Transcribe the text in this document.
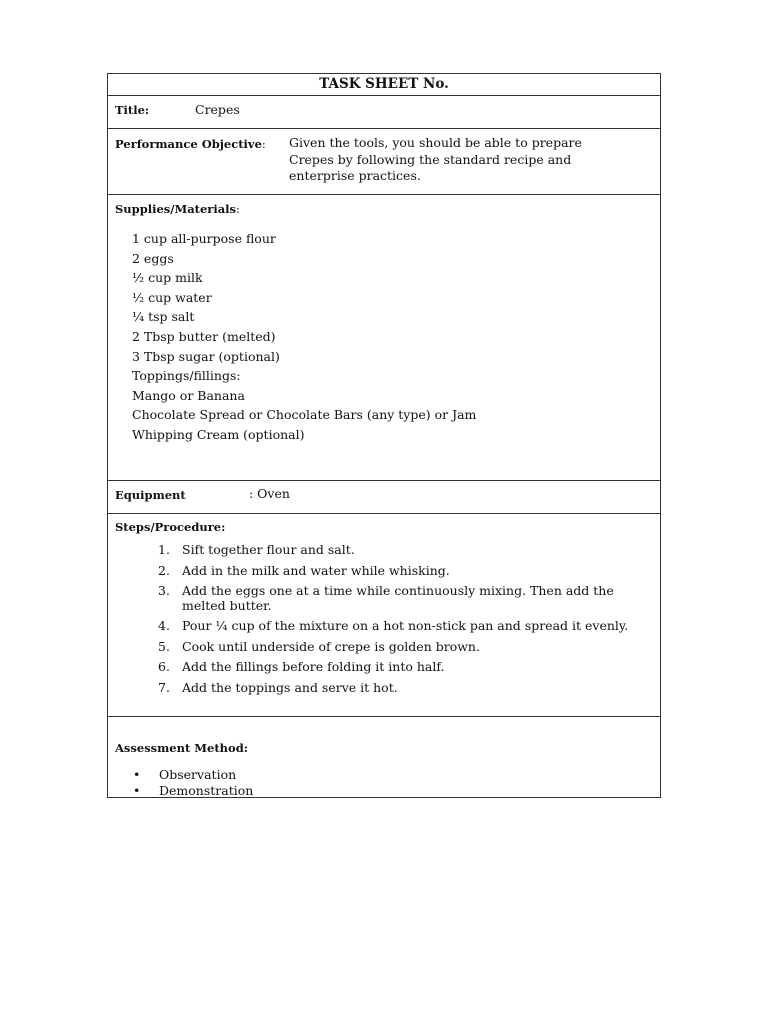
TASK SHEET No.
Title:	Crepes
Performance Objective: Given the tools, you should be able to prepare
Crepes by following the standard recipe and
enterprise practices.
Supplies/Materials:
1 cup all-purpose flour
2 eggs
½ cup milk
½ cup water
¼ tsp salt
2 Tbsp butter (melted)
3 Tbsp sugar (optional)
Toppings/fillings:
Mango or Banana
Chocolate Spread or Chocolate Bars (any type) or Jam
Whipping Cream (optional)
Equipment	: Oven
Steps/Procedure:
1. Sift together flour and salt.
2. Add in the milk and water while whisking.
3. Add the eggs one at a time while continuously mixing. Then add the melted butter.
4. Pour ¼ cup of the mixture on a hot non-stick pan and spread it evenly.
5. Cook until underside of crepe is golden brown.
6. Add the fillings before folding it into half.
7. Add the toppings and serve it hot.
Assessment Method:
• Observation
• Demonstration
